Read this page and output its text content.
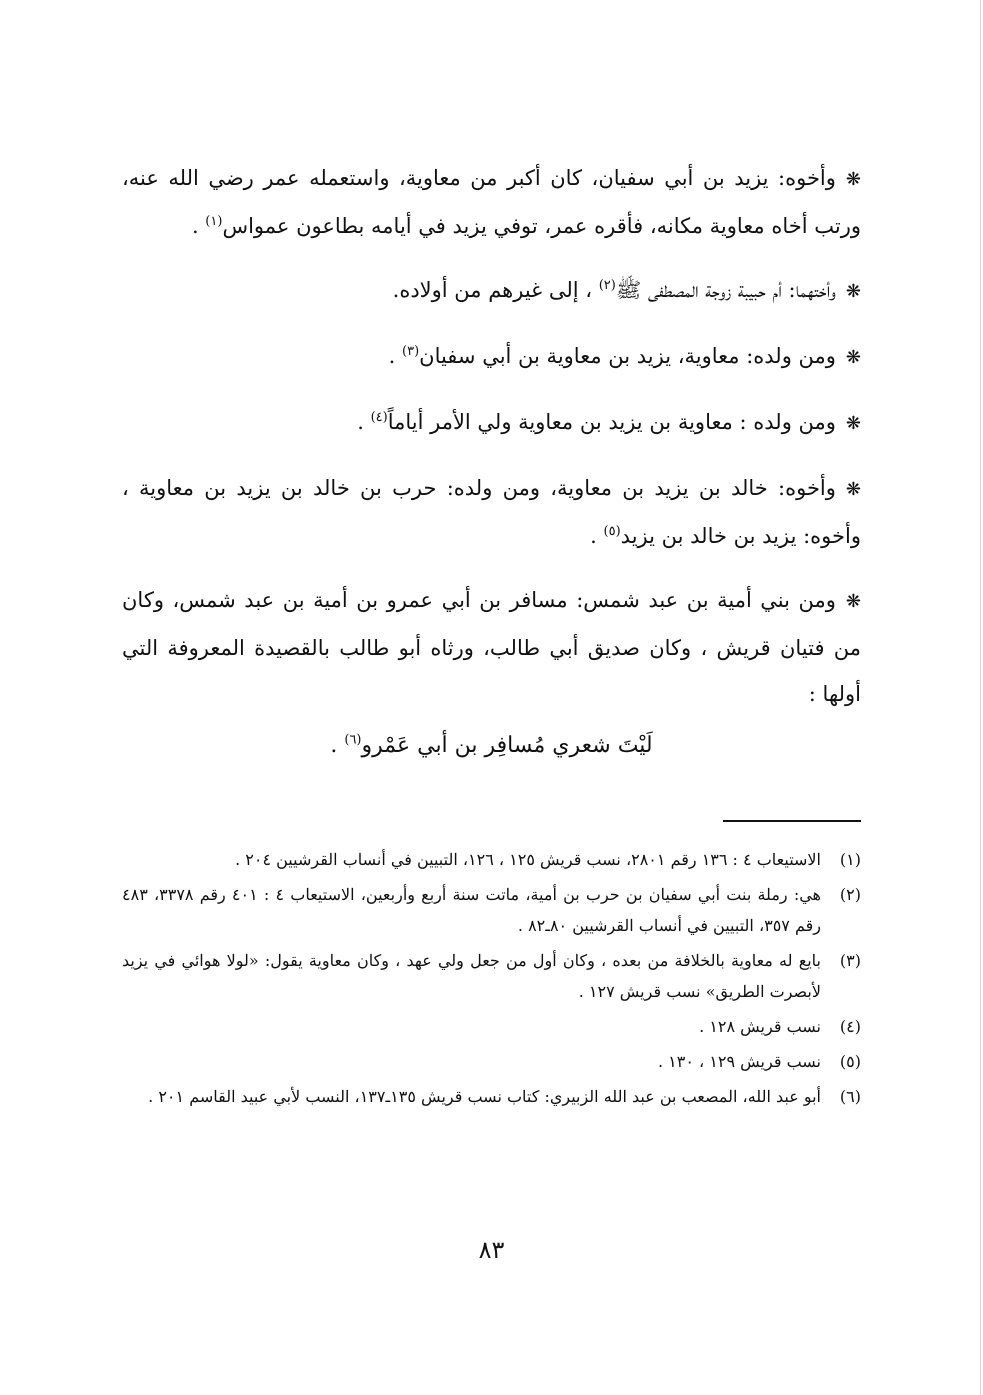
❋وأخوه: يزيد بن أبي سفيان، كان أكبر من معاوية، واستعمله عمر رضي الله عنه، ورتب أخاه معاوية مكانه، فأقره عمر، توفي يزيد في أيامه بطاعون عمواس$^{(١)}$ .

❋وأختهما: أم حبيبة زوجة المصطفى ﷺ$^{(٢)}$ ، إلى غيرهم من أولاده.

❋ومن ولده: معاوية، يزيد بن معاوية بن أبي سفيان$^{(٣)}$ .

❋ومن ولده : معاوية بن يزيد بن معاوية ولي الأمر أياماً$^{(٤)}$ .

❋وأخوه: خالد بن يزيد بن معاوية، ومن ولده: حرب بن خالد بن يزيد بن معاوية ، وأخوه: يزيد بن خالد بن يزيد$^{(٥)}$ .

❋ومن بني أمية بن عبد شمس: مسافر بن أبي عمرو بن أمية بن عبد شمس، وكان من فتيان قريش ، وكان صديق أبي طالب، ورثاه أبو طالب بالقصيدة المعروفة التي أولها :

لَيْتَ شعري مُسافِر بن أبي عَمْرو$^{(٦)}$ .
(١)
الاستيعاب ٤ : ١٣٦ رقم ٢٨٠١، نسب قريش ١٢٥ ، ١٢٦، التبيين في أنساب القرشيين ٢٠٤ .
(٢)
هي: رملة بنت أبي سفيان بن حرب بن أمية، ماتت سنة أربع وأربعين، الاستيعاب ٤ : ٤٠١ رقم ٣٣٧٨، ٤٨٣ رقم ٣٥٧، التبيين في أنساب القرشيين ٨٠ـ٨٢ .
(٣)
بايع له معاوية بالخلافة من بعده ، وكان أول من جعل ولي عهد ، وكان معاوية يقول: «لولا هوائي في يزيد لأبصرت الطريق» نسب قريش ١٢٧ .
(٤)
نسب قريش ١٢٨ .
(٥)
نسب قريش ١٢٩ ، ١٣٠ .
(٦)
أبو عبد الله، المصعب بن عبد الله الزبيري: كتاب نسب قريش ١٣٥ـ١٣٧، النسب لأبي عبيد القاسم ٢٠١ .
٨٣
